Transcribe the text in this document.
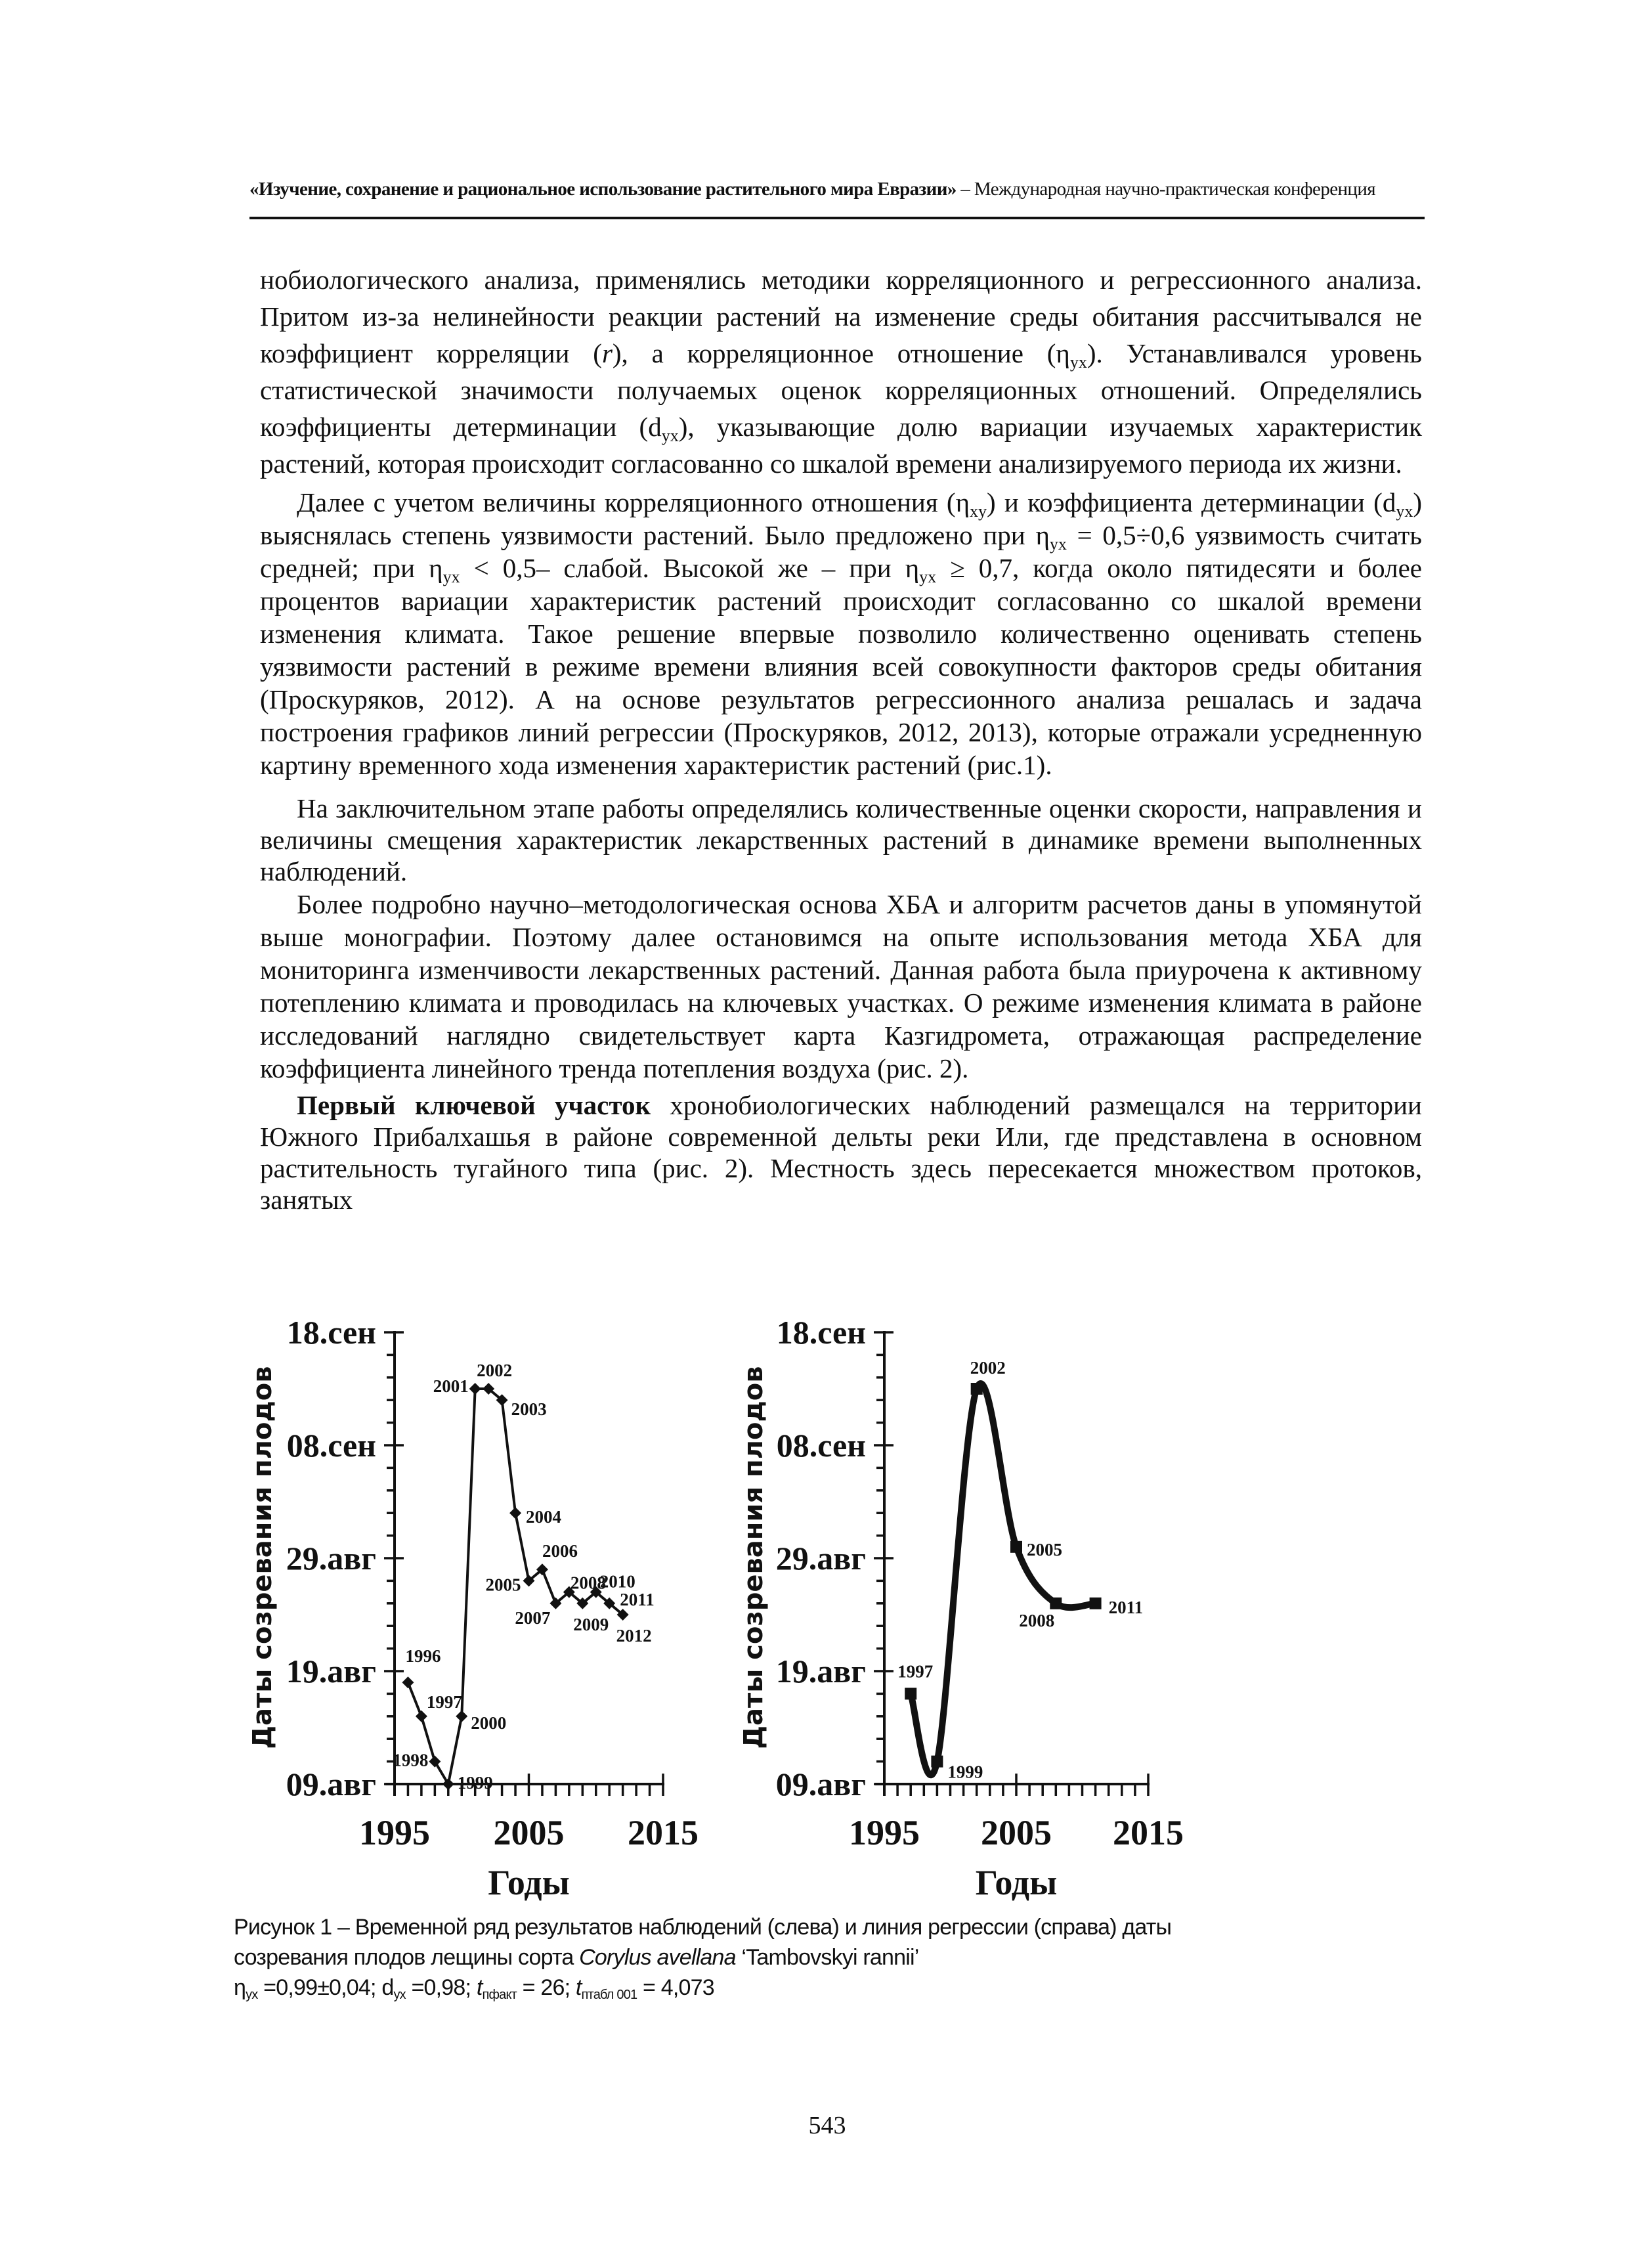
«Изучение, сохранение и рациональное использование растительного мира Евразии» – Международная научно-практическая конференция
нобиологического анализа, применялись методики корреляционного и регрессионного анализа. Притом из-за нелинейности реакции растений на изменение среды обитания рассчитывался не коэффициент корреляции (r), а корреляционное отношение $(\eta_{yx})$. Устанавливался уровень статистической значимости получаемых оценок корреляционных отношений. Определялись коэффициенты детерминации $(d_{yx})$, указывающие долю вариации изучаемых характеристик растений, которая происходит согласованно со шкалой времени анализируемого периода их жизни.
Далее с учетом величины корреляционного отношения $(\eta_{xy})$ и коэффициента детерминации $(d_{yx})$ выяснялась степень уязвимости растений. Было предложено при $\eta_{yx} = 0,5\div 0,6$ уязвимость считать средней; при $\eta_{yx} < 0,5-$ слабой. Высокой же – при $\eta_{yx} \ge 0,7$, когда около пятидесяти и более процентов вариации характеристик растений происходит согласованно со шкалой времени изменения климата. Такое решение впервые позволило количественно оценивать степень уязвимости растений в режиме времени влияния всей совокупности факторов среды обитания (Проскуряков, 2012). А на основе результатов регрессионного анализа решалась и задача построения графиков линий регрессии (Проскуряков, 2012, 2013), которые отражали усредненную картину временного хода изменения характеристик растений (рис.1).
На заключительном этапе работы определялись количественные оценки скорости, направления и величины смещения характеристик лекарственных растений в динамике времени выполненных наблюдений.
Более подробно научно–методологическая основа ХБА и алгоритм расчетов даны в упомянутой выше монографии. Поэтому далее остановимся на опыте использования метода ХБА для мониторинга изменчивости лекарственных растений. Данная работа была приурочена к активному потеплению климата и проводилась на ключевых участках. О режиме изменения климата в районе исследований наглядно свидетельствует карта Казгидромета, отражающая распределение коэффициента линейного тренда потепления воздуха (рис. 2).
Первый ключевой участок хронобиологических наблюдений размещался на территории Южного Прибалхашья в районе современной дельты реки Или, где представлена в основном растительность тугайного типа (рис. 2). Местность здесь пересекается множеством протоков, занятых
09.авг
19.авг
29.авг
08.сен
18.сен
1995 2005 2015
Годы
Даты созревания плодов	1996
1997
1998
1999
2000
2001
2002
2003
2004
2005
2006
2007
2008
2009
2010
2011
2012
09.авг
19.авг
29.авг
08.сен
18.сен
1995 2005 2015
Годы
Даты созревания плодов	1997
1999
2002
2005
2008
2011
Рисунок 1 – Временной ряд результатов наблюдений (слева) и линия регрессии (справа) даты
созревания плодов лещины сорта Corylus avellana ‘Tambovskyi rannii’
$\eta_{yx} =0,99\pm 0,04$; $d_{yx} =0,98$; $t_{пфакт} = 26$; $t_{птабл 001} = 4,073$
543
